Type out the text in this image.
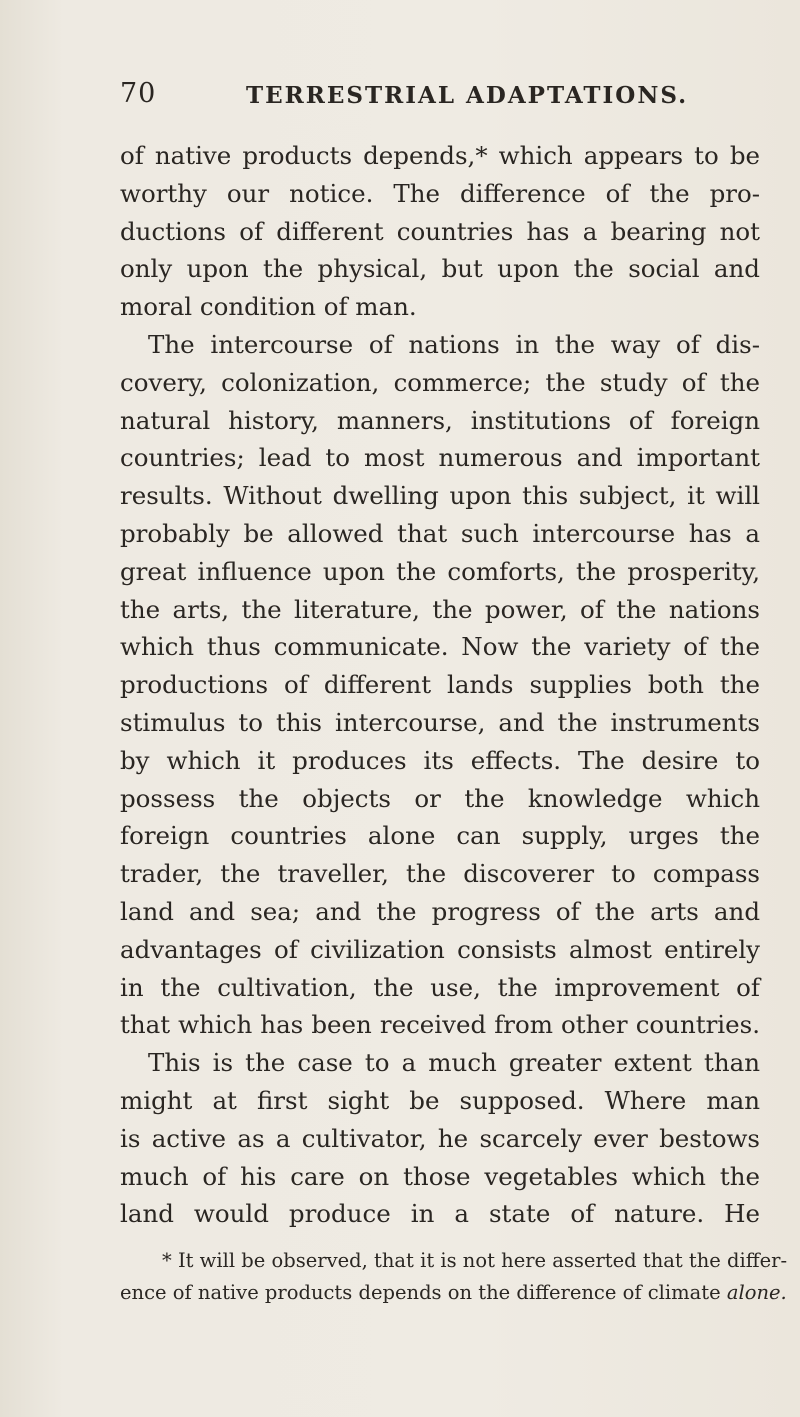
70	TERRESTRIAL ADAPTATIONS.
of native products depends,* which appears to be
worthy our notice. The difference of the pro-
ductions of different countries has a bearing not
only upon the physical, but upon the social and
moral condition of man.
The intercourse of nations in the way of dis-
covery, colonization, commerce; the study of the
natural history, manners, institutions of foreign
countries; lead to most numerous and important
results. Without dwelling upon this subject, it will
probably be allowed that such intercourse has a
great influence upon the comforts, the prosperity,
the arts, the literature, the power, of the nations
which thus communicate. Now the variety of the
productions of different lands supplies both the
stimulus to this intercourse, and the instruments
by which it produces its effects. The desire to
possess the objects or the knowledge which
foreign countries alone can supply, urges the
trader, the traveller, the discoverer to compass
land and sea; and the progress of the arts and
advantages of civilization consists almost entirely
in the cultivation, the use, the improvement of
that which has been received from other countries.
This is the case to a much greater extent than
might at first sight be supposed. Where man
is active as a cultivator, he scarcely ever bestows
much of his care on those vegetables which the
land would produce in a state of nature. He
* It will be observed, that it is not here asserted that the differ-
ence of native products depends on the difference of climate alone.
